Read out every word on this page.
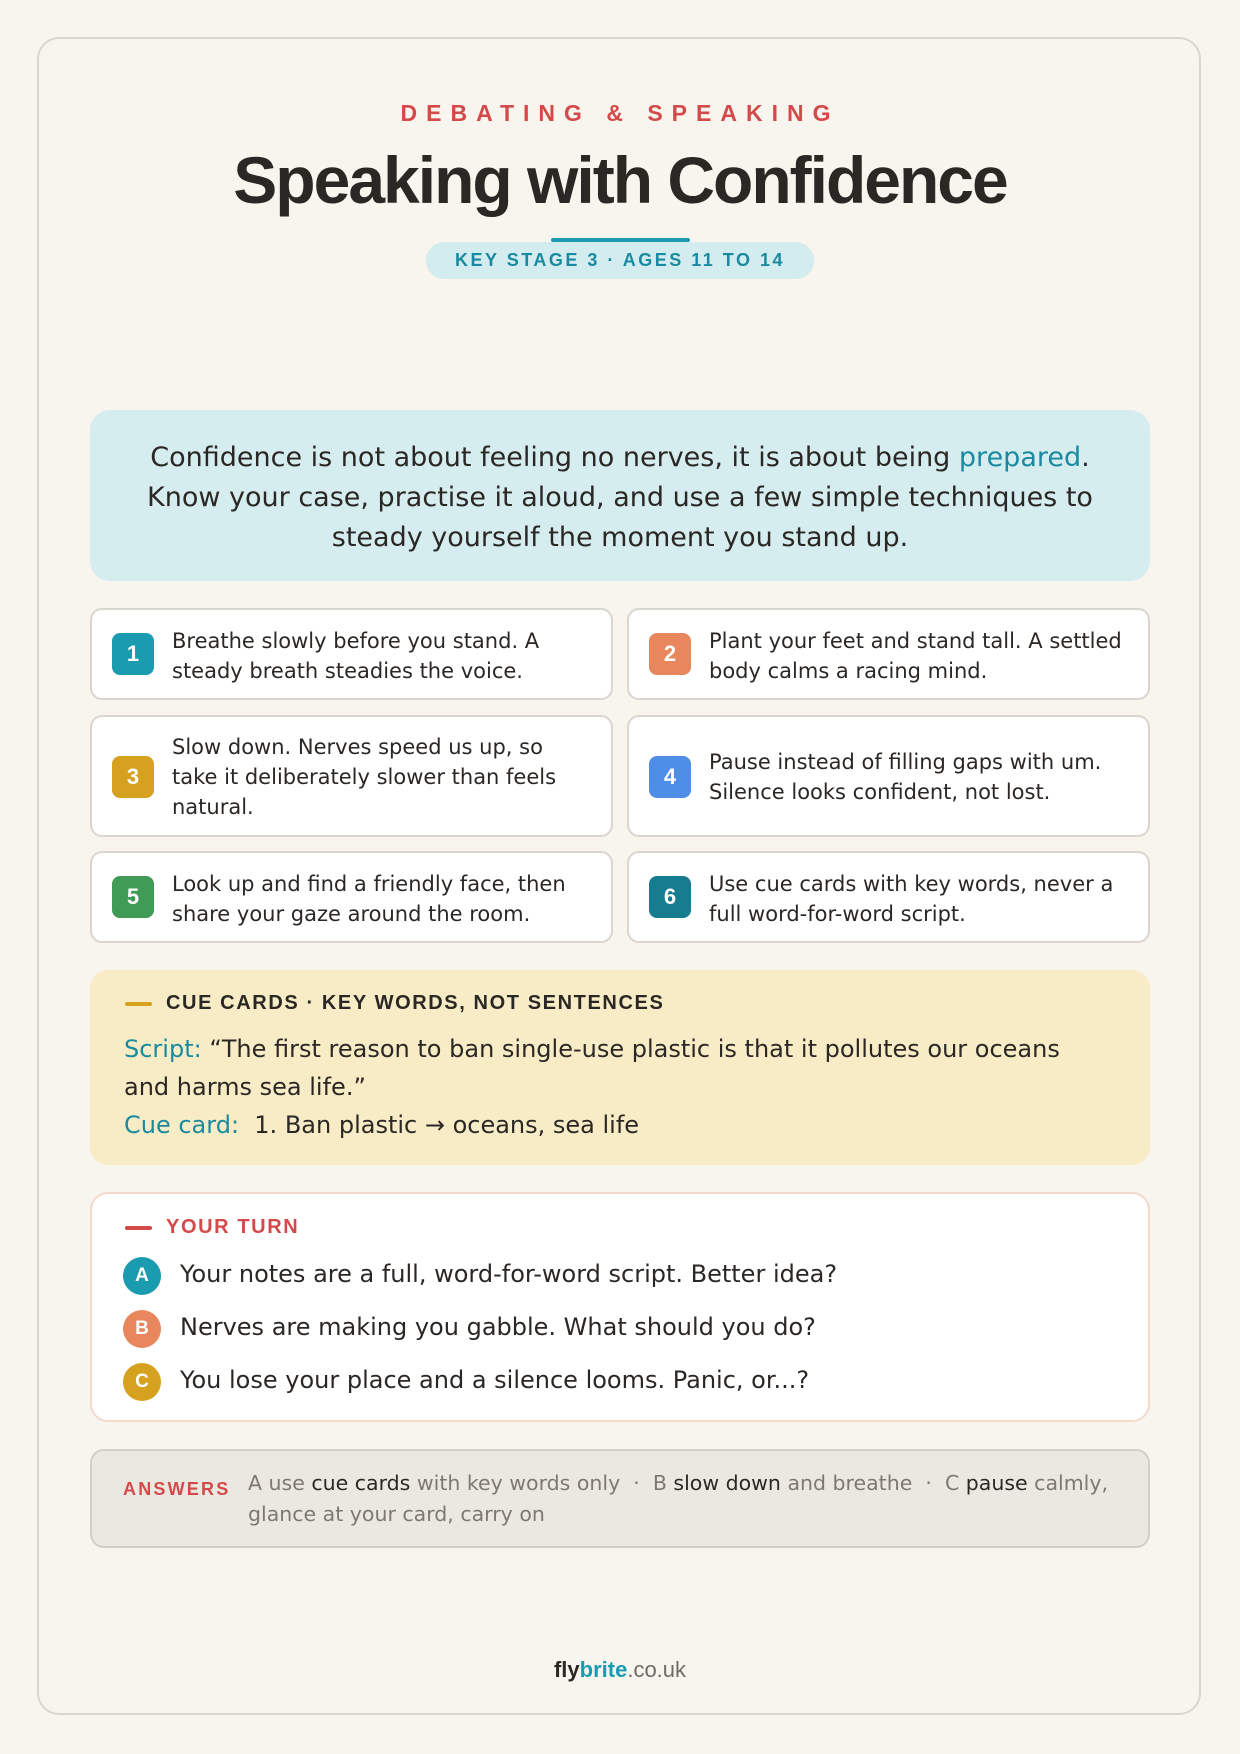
DEBATING & SPEAKING
Speaking with Confidence
KEY STAGE 3 · AGES 11 TO 14
Confidence is not about feeling no nerves, it is about being prepared. Know your case, practise it aloud, and use a few simple techniques to steady yourself the moment you stand up.
1	Breathe slowly before you stand. A steady breath steadies the voice.
2	Plant your feet and stand tall. A settled body calms a racing mind.
3
Slow down. Nerves speed us up, so take it deliberately slower than feels natural.
4
Pause instead of filling gaps with um. Silence looks confident, not lost.
5	Look up and find a friendly face, then share your gaze around the room.
6	Use cue cards with key words, never a full word-for-word script.
CUE CARDS · KEY WORDS, NOT SENTENCES
Script: “The first reason to ban single-use plastic is that it pollutes our oceans and harms sea life.”
Cue card:  1. Ban plastic → oceans, sea life
YOUR TURN
A	Your notes are a full, word-for-word script. Better idea?
B	Nerves are making you gabble. What should you do?
C	You lose your place and a silence looms. Panic, or...?
ANSWERS A use cue cards with key words only  ·  B slow down and breathe  ·  C pause calmly, glance at your card, carry on
flybrite.co.uk
